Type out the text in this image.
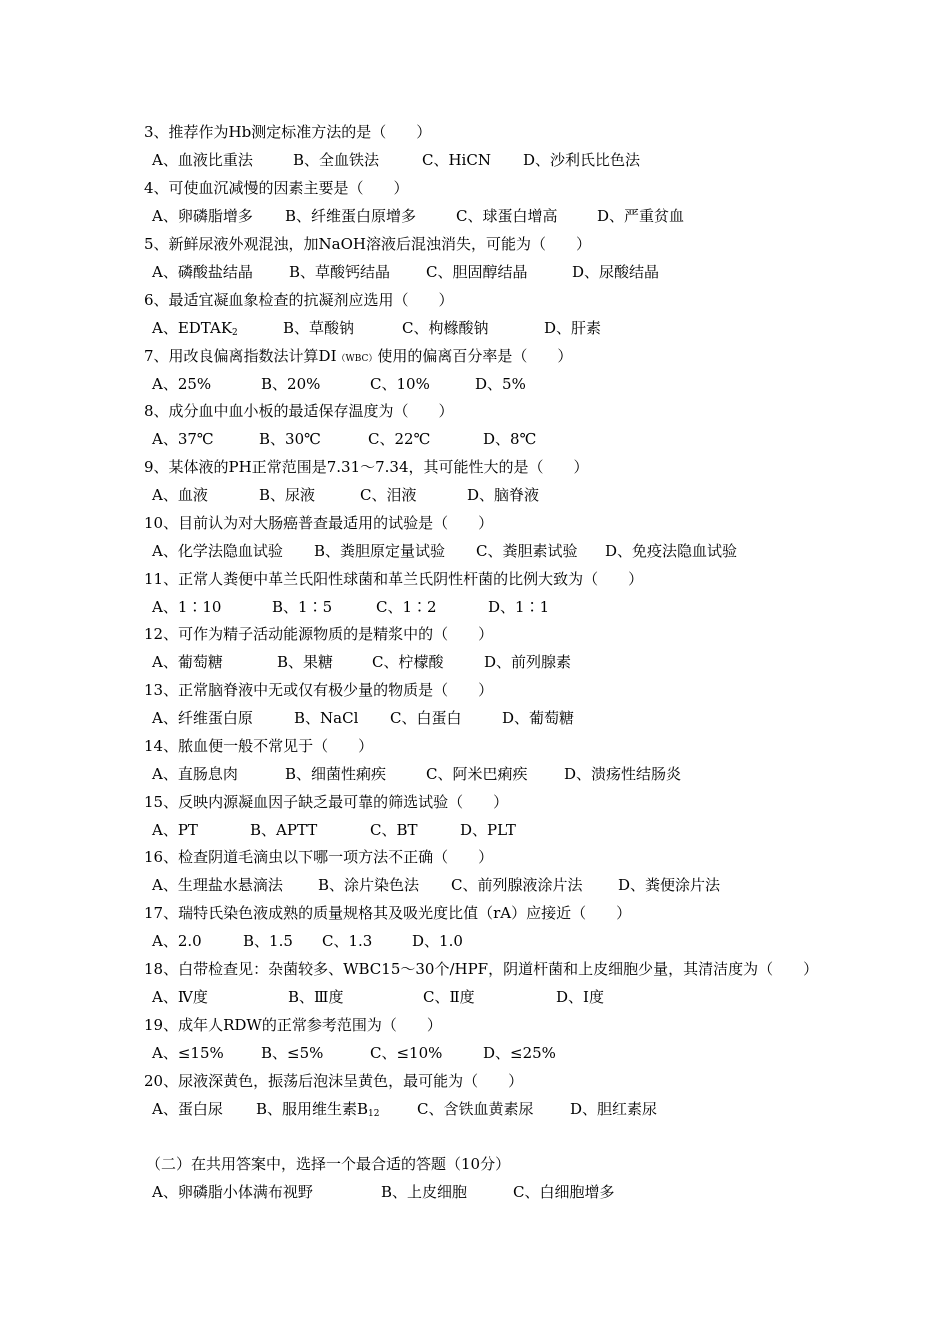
3、推荐作为Hb测定标准方法的是（　　）
A、血液比重法	B、全血铁法	C、HiCN D、沙利氏比色法
4、可使血沉减慢的因素主要是（　　）
A、卵磷脂增多 B、纤维蛋白原增多	C、球蛋白增高	D、严重贫血
5、新鲜尿液外观混浊，加NaOH溶液后混浊消失，可能为（　　）
A、磷酸盐结晶 B、草酸钙结晶 C、胆固醇结晶	D、尿酸结晶
6、最适宜凝血象检查的抗凝剂应选用（　　）
A、$EDTAK_2$	B、草酸钠	C、枸橼酸钠	D、肝素
7、用改良偏离指数法计算DI（WBC）使用的偏离百分率是（　　）
A、25%	B、20%	C、10%	D、5%
8、成分血中血小板的最适保存温度为（　　）
A、37℃	B、30℃	C、22℃	D、8℃
9、某体液的PH正常范围是7.31～7.34，其可能性大的是（　　）
A、血液	B、尿液	C、泪液	D、脑脊液
10、目前认为对大肠癌普查最适用的试验是（　　）
A、化学法隐血试验 B、粪胆原定量试验 C、粪胆素试验 D、免疫法隐血试验
11、正常人粪便中革兰氏阳性球菌和革兰氏阴性杆菌的比例大致为（　　）
A、1∶10	B、1∶5	C、1∶2	D、1∶1
12、可作为精子活动能源物质的是精浆中的（　　）
A、葡萄糖	B、果糖	C、柠檬酸	D、前列腺素
13、正常脑脊液中无或仅有极少量的物质是（　　）
A、纤维蛋白原	B、NaCl C、白蛋白	D、葡萄糖
14、脓血便一般不常见于（　　）
A、直肠息肉	B、细菌性痢疾	C、阿米巴痢疾 D、溃疡性结肠炎
15、反映内源凝血因子缺乏最可靠的筛选试验（　　）
A、PT	B、APTT	C、BT	D、PLT
16、检查阴道毛滴虫以下哪一项方法不正确（　　）
A、生理盐水悬滴法 B、涂片染色法 C、前列腺液涂片法 D、粪便涂片法
17、瑞特氏染色液成熟的质量规格其及吸光度比值（rA）应接近（　　）
A、2.0	B、1.5 C、1.3	D、1.0
18、白带检查见：杂菌较多、WBC15～30个/HPF，阴道杆菌和上皮细胞少量，其清洁度为（　　）
A、Ⅳ度	B、Ⅲ度	C、Ⅱ度	D、Ⅰ度
19、成年人RDW的正常参考范围为（　　）
A、≤15% B、≤5%	C、≤10%	D、≤25%
20、尿液深黄色，振荡后泡沫呈黄色，最可能为（　　）
A、蛋白尿 B、服用维生素$B_{12}$	C、含铁血黄素尿 D、胆红素尿
（二）在共用答案中，选择一个最合适的答题（10分）
A、卵磷脂小体满布视野	B、上皮细胞	C、白细胞增多
